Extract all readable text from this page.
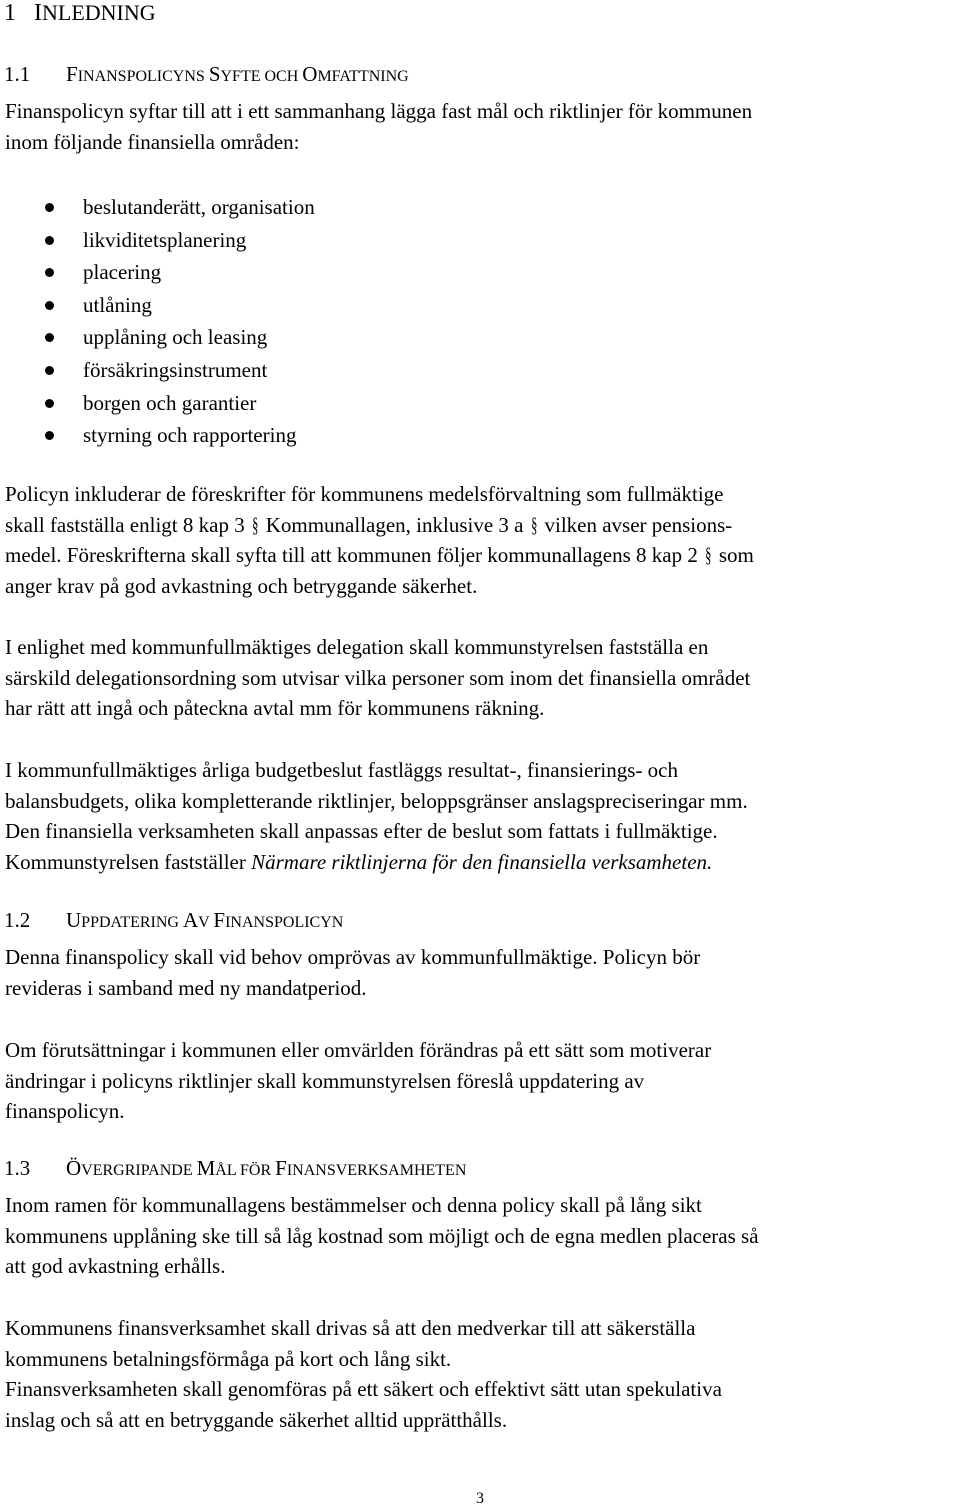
1 INLEDNING
1.1 FINANSPOLICYNS SYFTE OCH OMFATTNING
Finanspolicyn syftar till att i ett sammanhang lägga fast mål och riktlinjer för kommunen
inom följande finansiella områden:
beslutanderätt, organisation
likviditetsplanering
placering
utlåning
upplåning och leasing
försäkringsinstrument
borgen och garantier
styrning och rapportering
Policyn inkluderar de föreskrifter för kommunens medelsförvaltning som fullmäktige
skall fastställa enligt 8 kap 3 § Kommunallagen, inklusive 3 a § vilken avser pensions-
medel. Föreskrifterna skall syfta till att kommunen följer kommunallagens 8 kap 2 § som
anger krav på god avkastning och betryggande säkerhet.
I enlighet med kommunfullmäktiges delegation skall kommunstyrelsen fastställa en
särskild delegationsordning som utvisar vilka personer som inom det finansiella området
har rätt att ingå och påteckna avtal mm för kommunens räkning.
I kommunfullmäktiges årliga budgetbeslut fastläggs resultat-, finansierings- och
balansbudgets, olika kompletterande riktlinjer, beloppsgränser anslagspreciseringar mm.
Den finansiella verksamheten skall anpassas efter de beslut som fattats i fullmäktige.
Kommunstyrelsen fastställer Närmare riktlinjerna för den finansiella verksamheten.
1.2 UPPDATERING AV FINANSPOLICYN
Denna finanspolicy skall vid behov omprövas av kommunfullmäktige. Policyn bör
revideras i samband med ny mandatperiod.
Om förutsättningar i kommunen eller omvärlden förändras på ett sätt som motiverar
ändringar i policyns riktlinjer skall kommunstyrelsen föreslå uppdatering av
finanspolicyn.
1.3 ÖVERGRIPANDE MÅL FÖR FINANSVERKSAMHETEN
Inom ramen för kommunallagens bestämmelser och denna policy skall på lång sikt
kommunens upplåning ske till så låg kostnad som möjligt och de egna medlen placeras så
att god avkastning erhålls.
Kommunens finansverksamhet skall drivas så att den medverkar till att säkerställa
kommunens betalningsförmåga på kort och lång sikt.
Finansverksamheten skall genomföras på ett säkert och effektivt sätt utan spekulativa
inslag och så att en betryggande säkerhet alltid upprätthålls.
3
